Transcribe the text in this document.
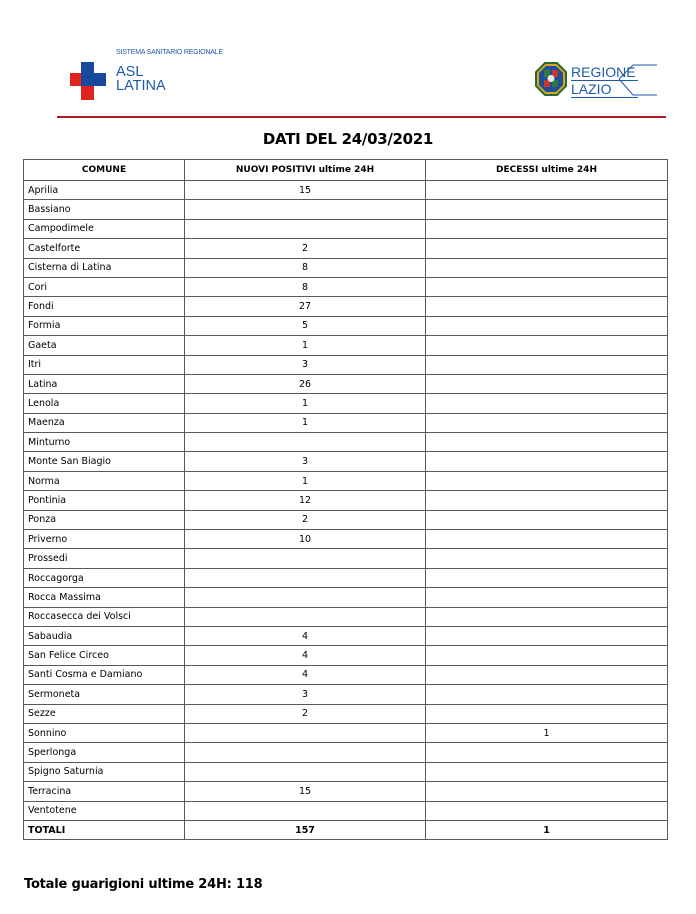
SISTEMA SANITARIO REGIONALE
ASL
LATINA
REGIONE
LAZIO
DATI DEL 24/03/2021
COMUNE	NUOVI POSITIVI ultime 24H	DECESSI ultime 24H
Aprilia	15	
Bassiano		
Campodimele		
Castelforte	2	
Cisterna di Latina	8	
Cori	8	
Fondi	27	
Formia	5	
Gaeta	1	
Itri	3	
Latina	26	
Lenola	1	
Maenza	1	
Minturno		
Monte San Biagio	3	
Norma	1	
Pontinia	12	
Ponza	2	
Priverno	10	
Prossedi		
Roccagorga		
Rocca Massima		
Roccasecca dei Volsci		
Sabaudia	4	
San Felice Circeo	4	
Santi Cosma e Damiano	4	
Sermoneta	3	
Sezze	2	
Sonnino		1
Sperlonga		
Spigno Saturnia		
Terracina	15	
Ventotene		
TOTALI	157	1
Totale guarigioni ultime 24H: 118
